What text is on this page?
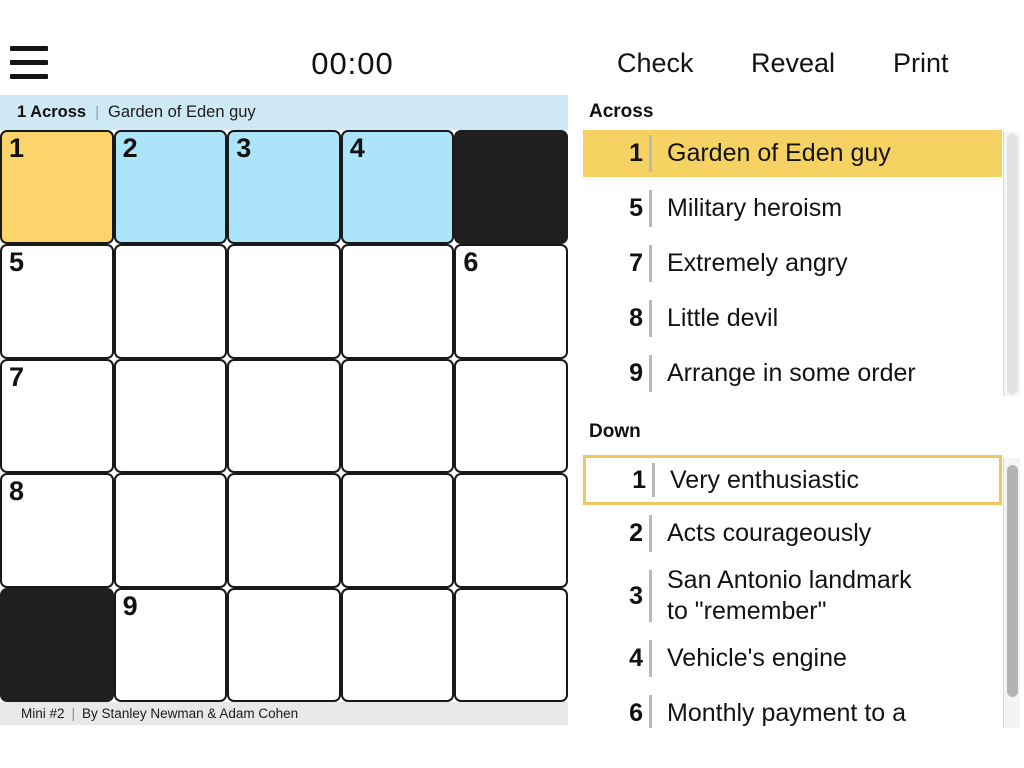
00:00	Check Reveal Print
1 Across | Garden of Eden guy
1	2	3	4
5	6
7
8
9
Mini #2 | By Stanley Newman & Adam Cohen
Across
1 Garden of Eden guy
5 Military heroism
7 Extremely angry
8 Little devil
9 Arrange in some order
Down
1 Very enthusiastic
2 Acts courageously
3
San Antonio landmark to "remember"
4 Vehicle's engine
6 Monthly payment to a
